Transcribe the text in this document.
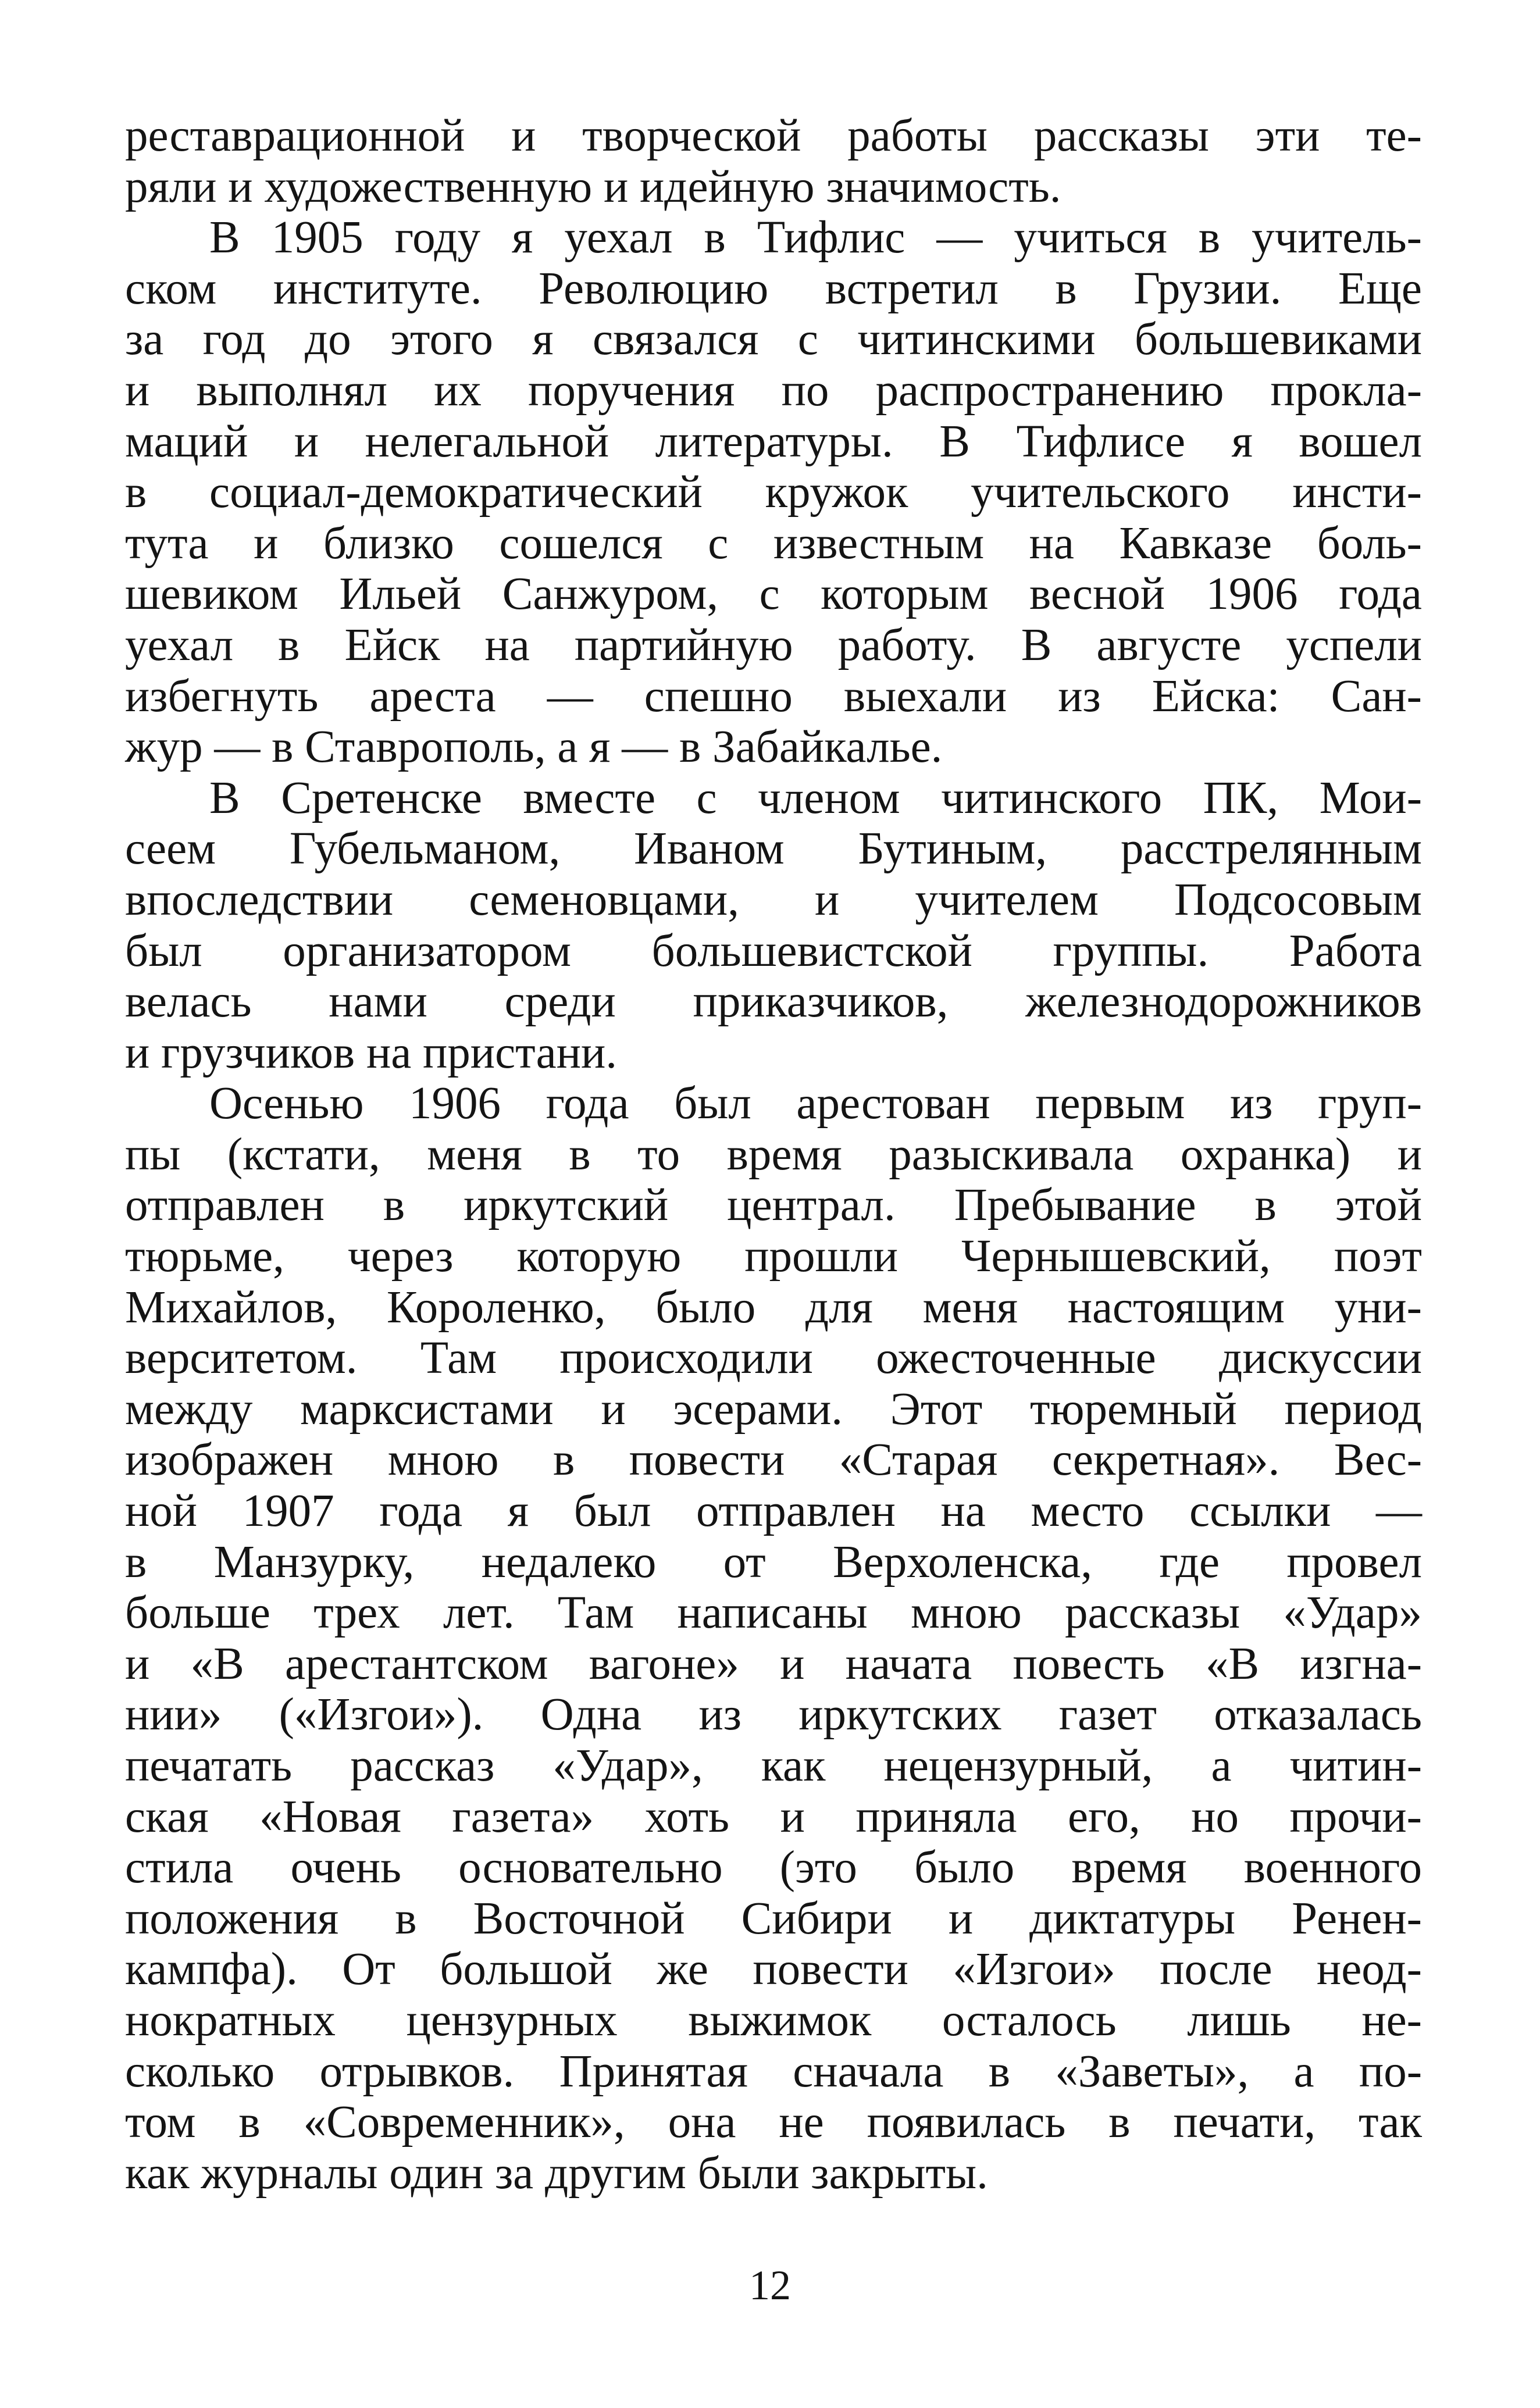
реставрационной и творческой работы рассказы эти те-
ряли и художественную и идейную значимость.
В 1905 году я уехал в Тифлис — учиться в учитель-
ском институте. Революцию встретил в Грузии. Еще
за год до этого я связался с читинскими большевиками
и выполнял их поручения по распространению прокла-
маций и нелегальной литературы. В Тифлисе я вошел
в социал-демократический кружок учительского инсти-
тута и близко сошелся с известным на Кавказе боль-
шевиком Ильей Санжуром, с которым весной 1906 года
уехал в Ейск на партийную работу. В августе успели
избегнуть ареста — спешно выехали из Ейска: Сан-
жур — в Ставрополь, а я — в Забайкалье.
В Сретенске вместе с членом читинского ПК, Мои-
сеем Губельманом, Иваном Бутиным, расстрелянным
впоследствии семеновцами, и учителем Подсосовым
был организатором большевистской группы. Работа
велась нами среди приказчиков, железнодорожников
и грузчиков на пристани.
Осенью 1906 года был арестован первым из груп-
пы (кстати, меня в то время разыскивала охранка) и
отправлен в иркутский централ. Пребывание в этой
тюрьме, через которую прошли Чернышевский, поэт
Михайлов, Короленко, было для меня настоящим уни-
верситетом. Там происходили ожесточенные дискуссии
между марксистами и эсерами. Этот тюремный период
изображен мною в повести «Старая секретная». Вес-
ной 1907 года я был отправлен на место ссылки —
в Манзурку, недалеко от Верхоленска, где провел
больше трех лет. Там написаны мною рассказы «Удар»
и «В арестантском вагоне» и начата повесть «В изгна-
нии» («Изгои»). Одна из иркутских газет отказалась
печатать рассказ «Удар», как нецензурный, а читин-
ская «Новая газета» хоть и приняла его, но прочи-
стила очень основательно (это было время военного
положения в Восточной Сибири и диктатуры Ренен-
кампфа). От большой же повести «Изгои» после неод-
нократных цензурных выжимок осталось лишь не-
сколько отрывков. Принятая сначала в «Заветы», а по-
том в «Современник», она не появилась в печати, так
как журналы один за другим были закрыты.
12
